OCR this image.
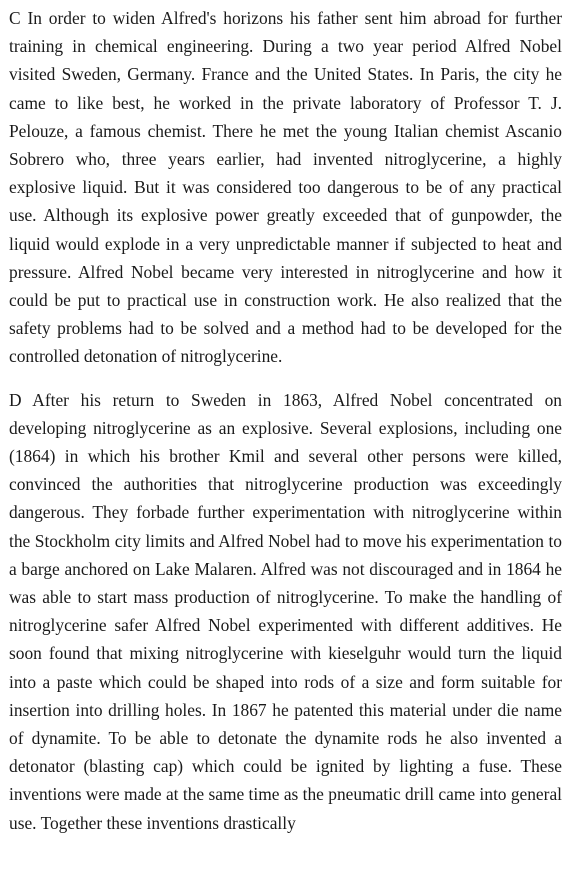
C In order to widen Alfred's horizons his father sent him abroad for further training in chemical engineering. During a two year period Alfred Nobel visited Sweden, Germany. France and the United States. In Paris, the city he came to like best, he worked in the private laboratory of Professor T. J. Pelouze, a famous chemist. There he met the young Italian chemist Ascanio Sobrero who, three years earlier, had invented nitroglycerine, a highly explosive liquid. But it was considered too dangerous to be of any practical use. Although its explosive power greatly exceeded that of gunpowder, the liquid would explode in a very unpredictable manner if subjected to heat and pressure. Alfred Nobel became very interested in nitroglycerine and how it could be put to practical use in construction work. He also realized that the safety problems had to be solved and a method had to be developed for the controlled detonation of nitroglycerine.

D After his return to Sweden in 1863, Alfred Nobel concentrated on developing nitroglycerine as an explosive. Several explosions, including one (1864) in which his brother Kmil and several other persons were killed, convinced the authorities that nitroglycerine production was exceedingly dangerous. They forbade further experimentation with nitroglycerine within the Stockholm city limits and Alfred Nobel had to move his experimentation to a barge anchored on Lake Malaren. Alfred was not discouraged and in 1864 he was able to start mass production of nitroglycerine. To make the handling of nitroglycerine safer Alfred Nobel experimented with different additives. He soon found that mixing nitroglycerine with kieselguhr would turn the liquid into a paste which could be shaped into rods of a size and form suitable for insertion into drilling holes. In 1867 he patented this material under die name of dynamite. To be able to detonate the dynamite rods he also invented a detonator (blasting cap) which could be ignited by lighting a fuse. These inventions were made at the same time as the pneumatic drill came into general use. Together these inventions drastically
